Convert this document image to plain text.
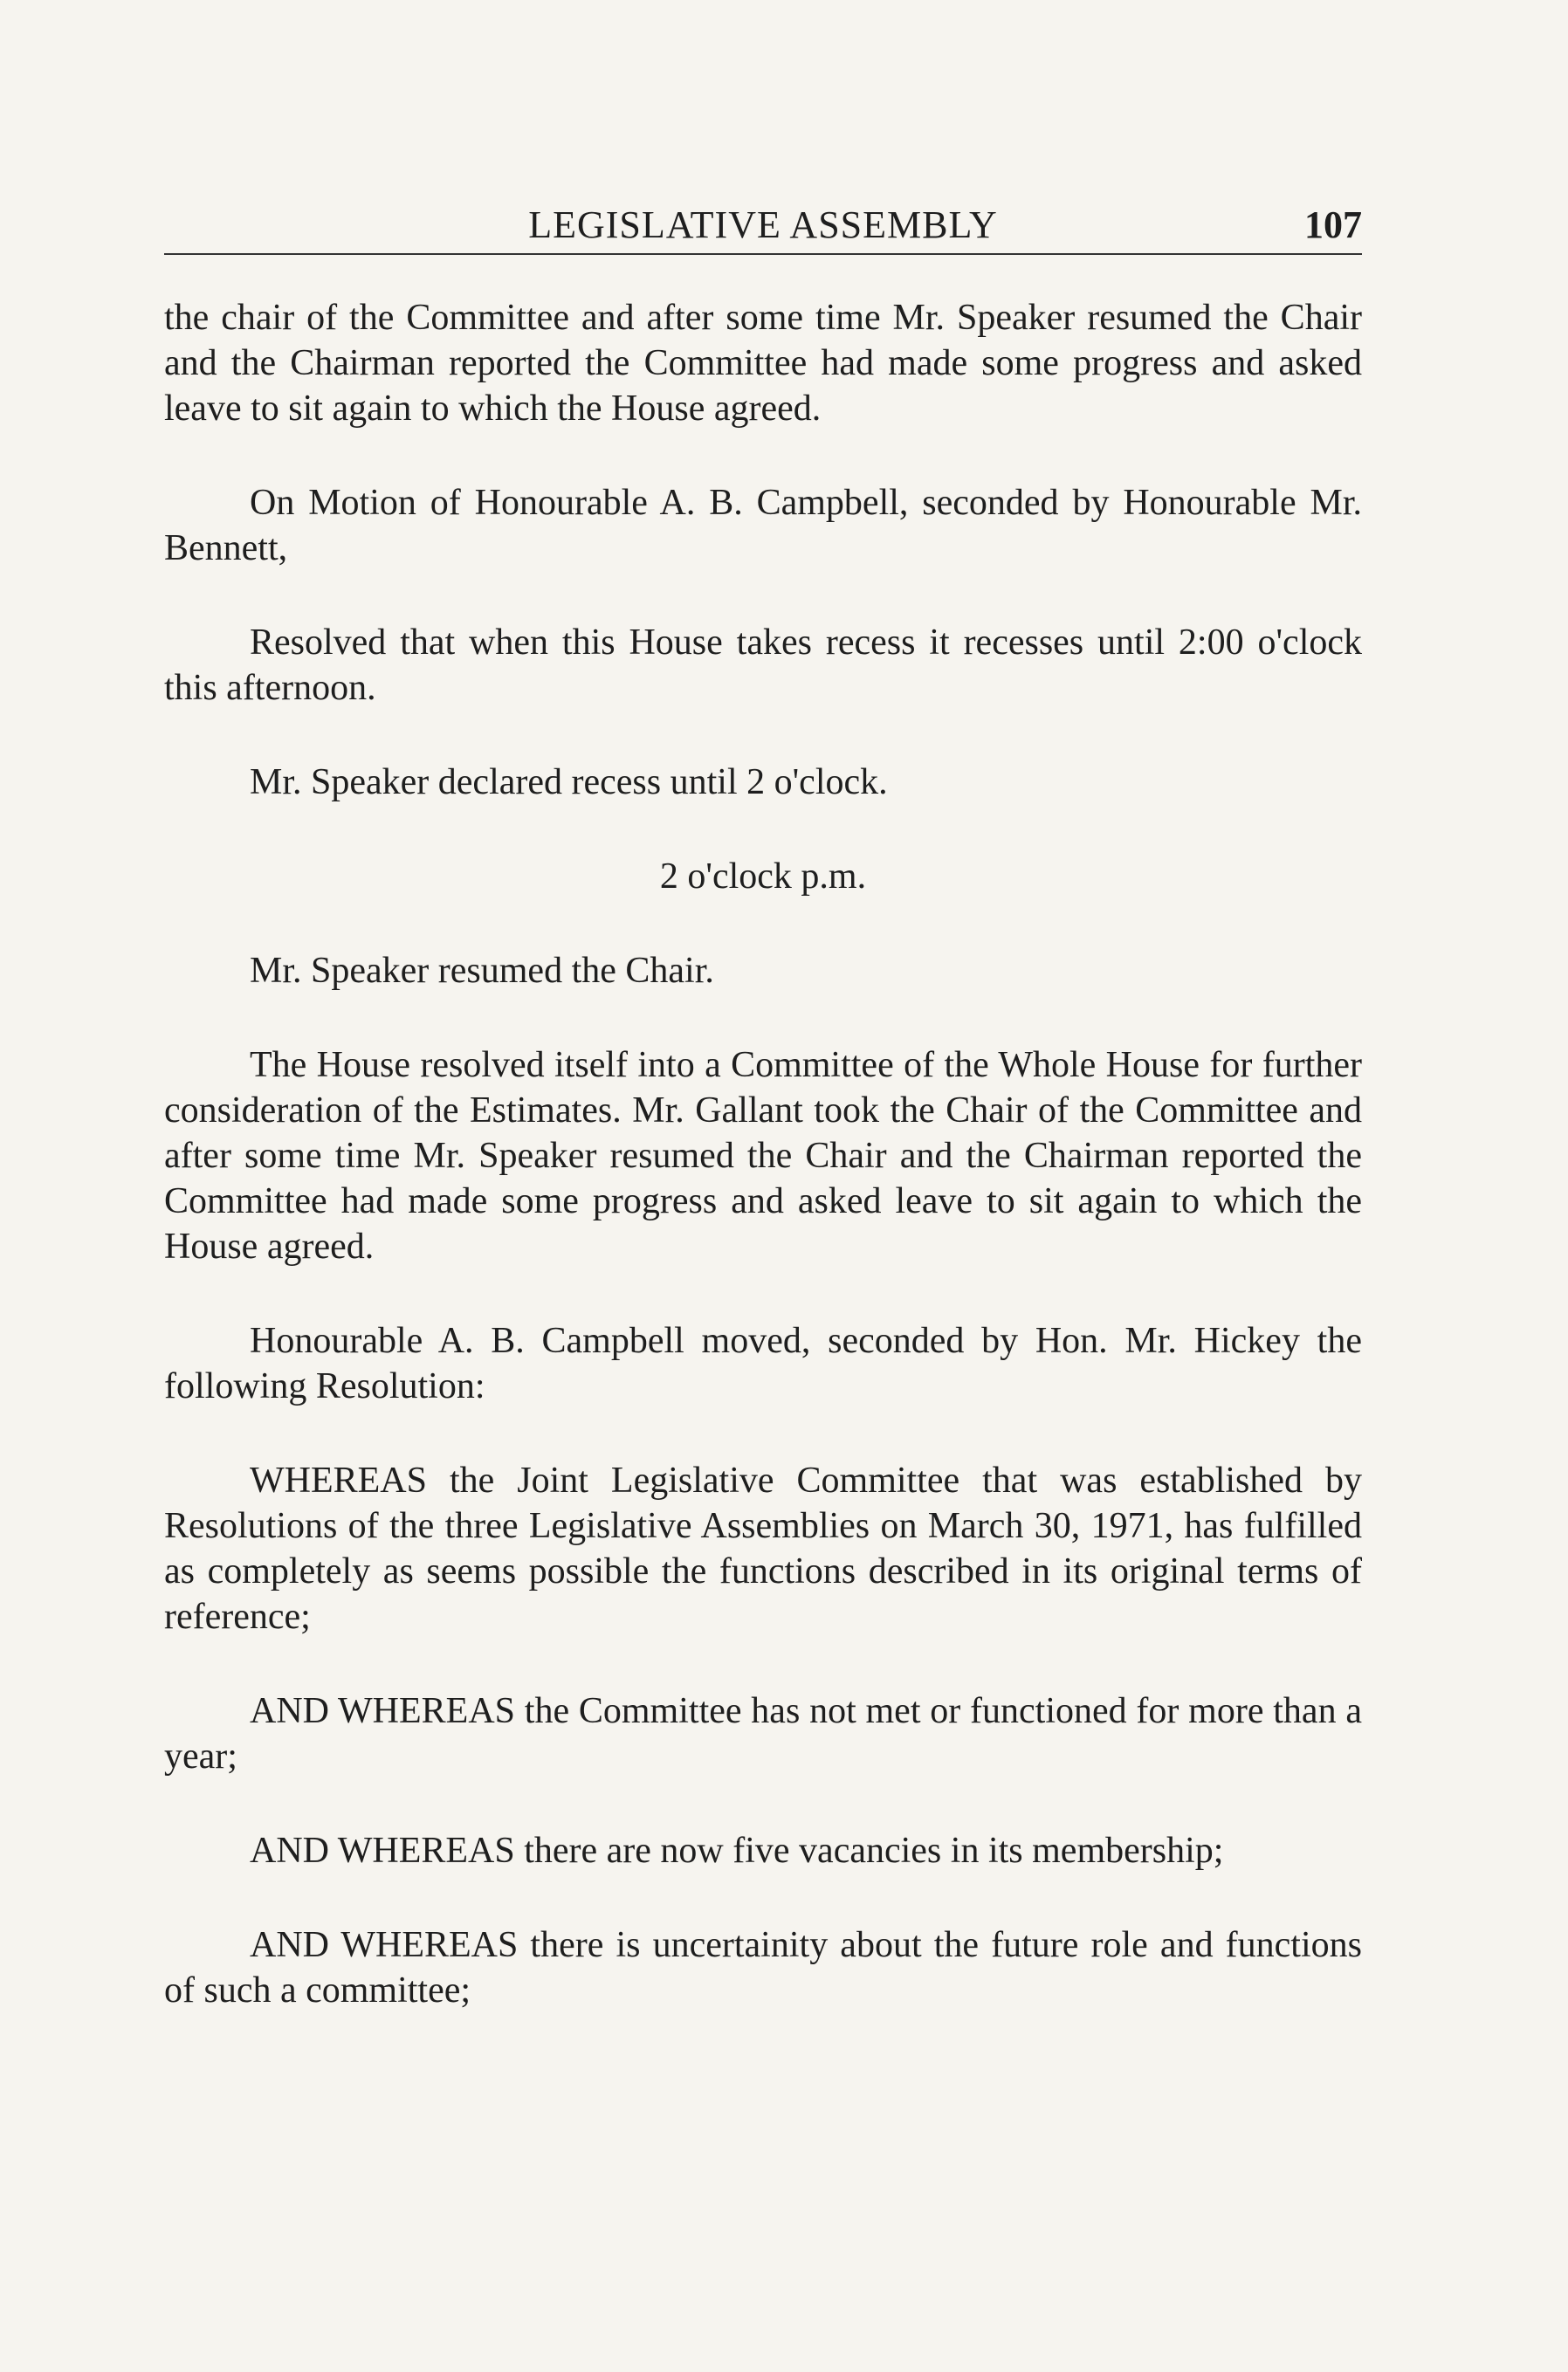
LEGISLATIVE ASSEMBLY	107

the chair of the Committee and after some time Mr. Speaker resumed the Chair and the Chairman reported the Committee had made some progress and asked leave to sit again to which the House agreed.

On Motion of Honourable A. B. Campbell, seconded by Honourable Mr. Bennett,

Resolved that when this House takes recess it recesses until 2:00 o'clock this afternoon.

Mr. Speaker declared recess until 2 o'clock.

2 o'clock p.m.

Mr. Speaker resumed the Chair.

The House resolved itself into a Committee of the Whole House for further consideration of the Estimates. Mr. Gallant took the Chair of the Committee and after some time Mr. Speaker resumed the Chair and the Chairman reported the Committee had made some progress and asked leave to sit again to which the House agreed.

Honourable A. B. Campbell moved, seconded by Hon. Mr. Hickey the following Resolution:

WHEREAS the Joint Legislative Committee that was established by Resolutions of the three Legislative Assemblies on March 30, 1971, has fulfilled as completely as seems possible the functions described in its original terms of reference;

AND WHEREAS the Committee has not met or functioned for more than a year;

AND WHEREAS there are now five vacancies in its membership;

AND WHEREAS there is uncertainity about the future role and functions of such a committee;
